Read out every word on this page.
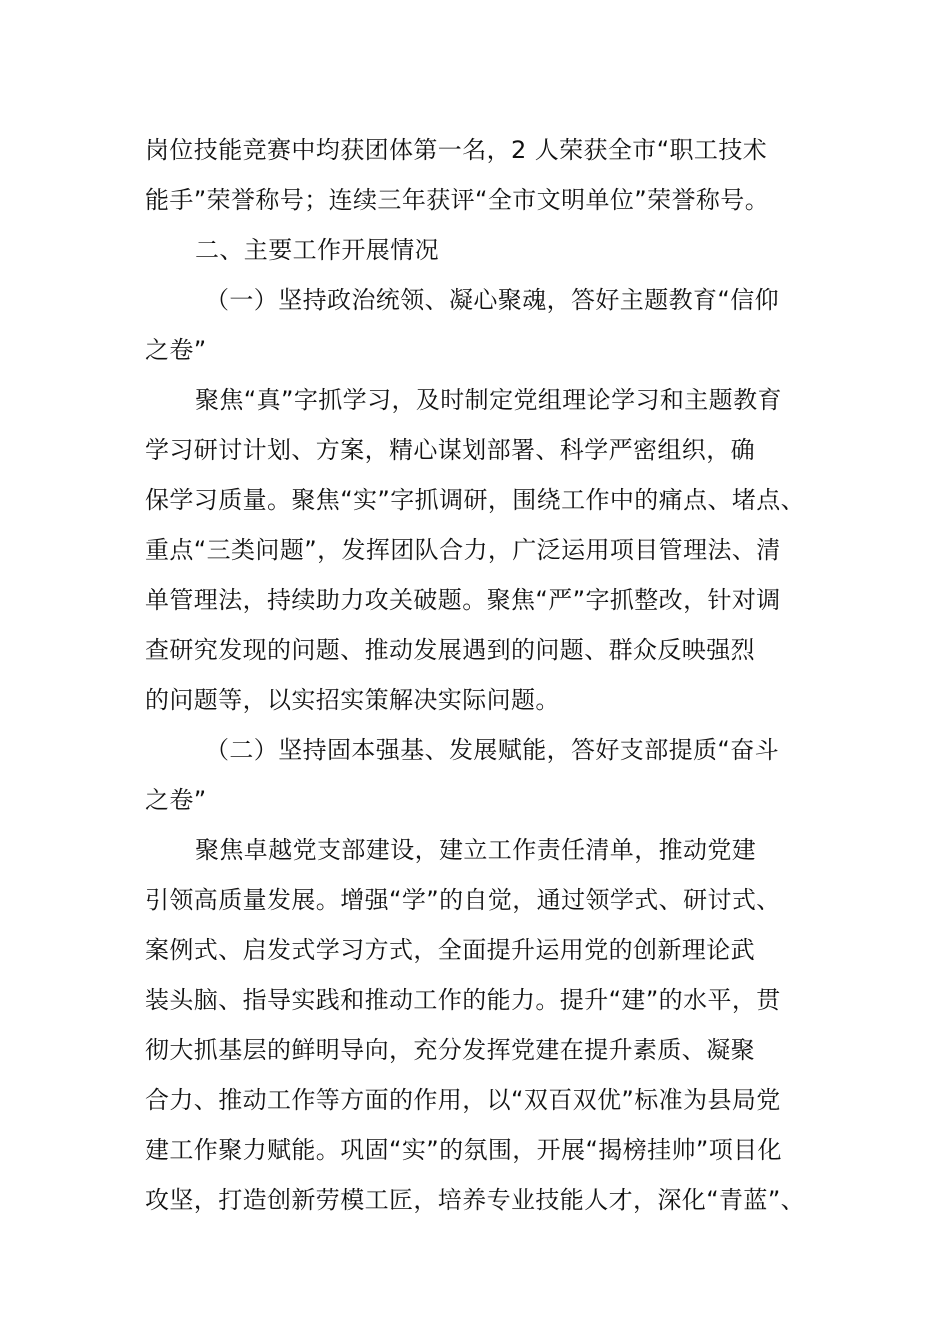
岗位技能竞赛中均获团体第一名，2 人荣获全市“职工技术
能手”荣誉称号；连续三年获评“全市文明单位”荣誉称号。
二、主要工作开展情况
（一）坚持政治统领、凝心聚魂，答好主题教育“信仰
之卷”
聚焦“真”字抓学习，及时制定党组理论学习和主题教育
学习研讨计划、方案，精心谋划部署、科学严密组织，确
保学习质量。聚焦“实”字抓调研，围绕工作中的痛点、堵点、
重点“三类问题”，发挥团队合力，广泛运用项目管理法、清
单管理法，持续助力攻关破题。聚焦“严”字抓整改，针对调
查研究发现的问题、推动发展遇到的问题、群众反映强烈
的问题等，以实招实策解决实际问题。
（二）坚持固本强基、发展赋能，答好支部提质“奋斗
之卷”
聚焦卓越党支部建设，建立工作责任清单，推动党建
引领高质量发展。增强“学”的自觉，通过领学式、研讨式、
案例式、启发式学习方式，全面提升运用党的创新理论武
装头脑、指导实践和推动工作的能力。提升“建”的水平，贯
彻大抓基层的鲜明导向，充分发挥党建在提升素质、凝聚
合力、推动工作等方面的作用，以“双百双优”标准为县局党
建工作聚力赋能。巩固“实”的氛围，开展“揭榜挂帅”项目化
攻坚，打造创新劳模工匠，培养专业技能人才，深化“青蓝”、
